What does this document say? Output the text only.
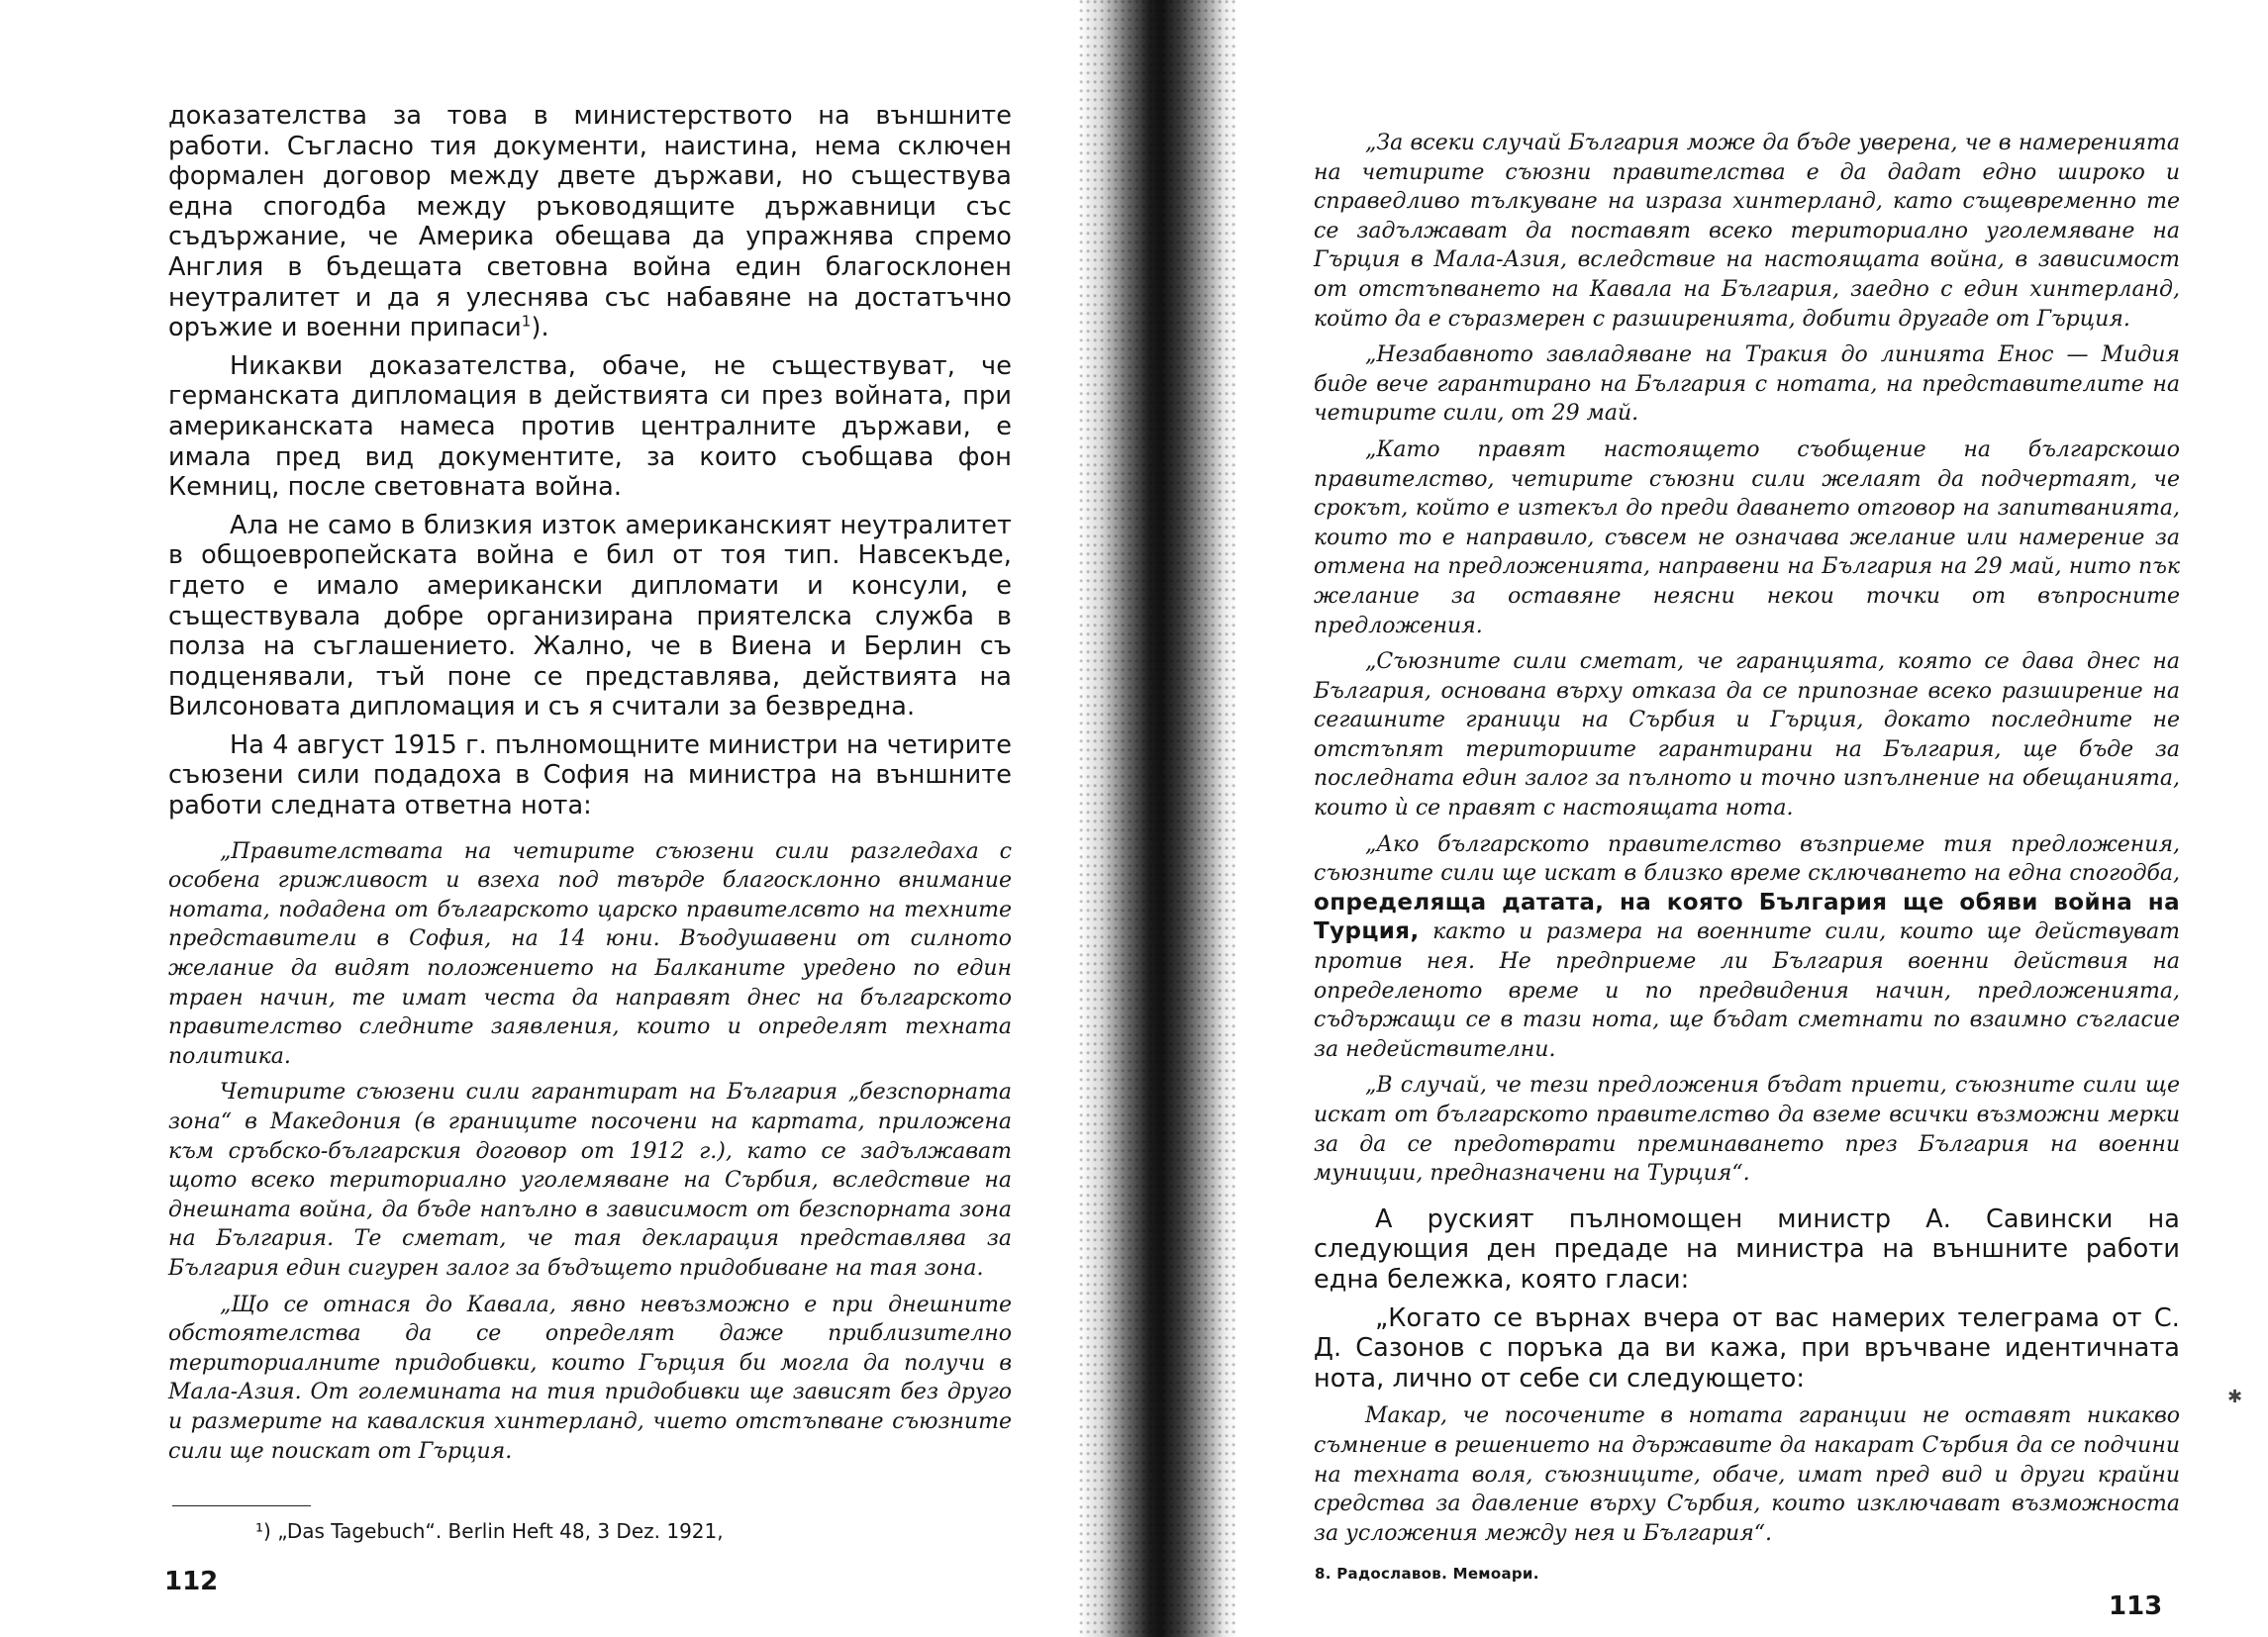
доказателства за това в министерството на външните работи. Съгласно тия документи, наистина, нема сключен формален договор между двете държави, но съществува една спогодба между ръководящите държавници със съдържание, че Америка обещава да упражнява спремо Англия в бъдещата световна война един благосклонен неутралитет и да я улеснява със набавяне на достатъчно оръжие и военни припаси$^1$).

Никакви доказателства, обаче, не съществуват, че германската дипломация в действията си през войната, при американската намеса против централните държави, е имала пред вид документите, за които съобщава фон Кемниц, после световната война.

Ала не само в близкия изток американският неутралитет в общоевропейската война е бил от тоя тип. Навсекъде, гдето е имало американски дипломати и консули, е съществувала добре организирана приятелска служба в полза на съглашението. Жално, че в Виена и Берлин съ подценявали, тъй поне се представлява, действията на Вилсоновата дипломация и съ я считали за безвредна.

На 4 август 1915 г. пълномощните министри на четирите съюзени сили подадоха в София на министра на външните работи следната ответна нота:

„Правителствата на четирите съюзени сили разгледаха с особена грижливост и взеха под твърде благосклонно внимание нотата, подадена от българското царско правителсвто на техните представители в София, на 14 юни. Въодушавени от силното желание да видят положението на Балканите уредено по един траен начин, те имат честа да направят днес на българското правителство следните заявления, които и определят техната политика.

Четирите съюзени сили гарантират на България „безспорната зона“ в Македония (в границите посочени на картата, приложена към сръбско-българския договор от 1912 г.), като се задължават щото всеко териториално уголемяване на Сърбия, вследствие на днешната война, да бъде напълно в зависимост от безспорната зона на България. Те сметат, че тая декларация представлява за България един сигурен залог за бъдъщето придобиване на тая зона.

„Що се отнася до Кавала, явно невъзможно е при днешните обстоятелства да се определят даже приблизително териториалните придобивки, които Гърция би могла да получи в Мала-Азия. От големината на тия придобивки ще зависят без друго и размерите на кавалския хинтерланд, чието отстъпване съюзните сили ще поискат от Гърция.

¹) „Das Tagebuch“. Berlin Heft 48, 3 Dez. 1921,

112

„За всеки случай България може да бъде уверена, че в намеренията на четирите съюзни правителства е да дадат едно широко и справедливо тълкуване на израза хинтерланд, като същевременно те се задължават да поставят всеко териториално уголемяване на Гърция в Мала-Азия, вследствие на настоящата война, в зависимост от отстъпването на Кавала на България, заедно с един хинтерланд, който да е съразмерен с разширенията, добити другаде от Гърция.

„Незабавното завладяване на Тракия до линията Енос — Мидия биде вече гарантирано на България с нотата, на представителите на четирите сили, от 29 май.

„Като правят настоящето съобщение на българскошо правителство, четирите съюзни сили желаят да подчертаят, че срокът, който е изтекъл до преди даването отговор на запитванията, които то е направило, съвсем не означава желание или намерение за отмена на предложенията, направени на България на 29 май, нито пък желание за оставяне неясни некои точки от въпросните предложения.

„Съюзните сили сметат, че гаранцията, която се дава днес на България, основана върху отказа да се припознае всеко разширение на сегашните граници на Сърбия и Гърция, докато последните не отстъпят териториите гарантирани на България, ще бъде за последната един залог за пълното и точно изпълнение на обещанията, които ѝ се правят с настоящата нота.

„Ако българското правителство възприеме тия предложения, съюзните сили ще искат в близко време сключването на една спогодба, определяща датата, на която България ще обяви война на Турция, както и размера на военните сили, които ще действуват против нея. Не предприеме ли България военни действия на определеното време и по предвидения начин, предложенията, съдържащи се в тази нота, ще бъдат сметнати по взаимно съгласие за недействителни.

„В случай, че тези предложения бъдат приети, съюзните сили ще искат от българското правителство да вземе всички възможни мерки за да се предотврати преминаването през България на военни муниции, предназначени на Турция“.

А руският пълномощен министр А. Савински на следующия ден предаде на министра на външните работи една бележка, която гласи:

„Когато се върнах вчера от вас намерих телеграма от С. Д. Сазонов с поръка да ви кажа, при връчване идентичната нота, лично от себе си следующето:

Макар, че посочените в нотата гаранции не оставят никакво съмнение в решението на държавите да накарат Сърбия да се подчини на техната воля, съюзниците, обаче, имат пред вид и други крайни средства за давление върху Сърбия, които изключават възможноста за усложения между нея и България“.

8. Радославов. Мемоари.
113
✱
